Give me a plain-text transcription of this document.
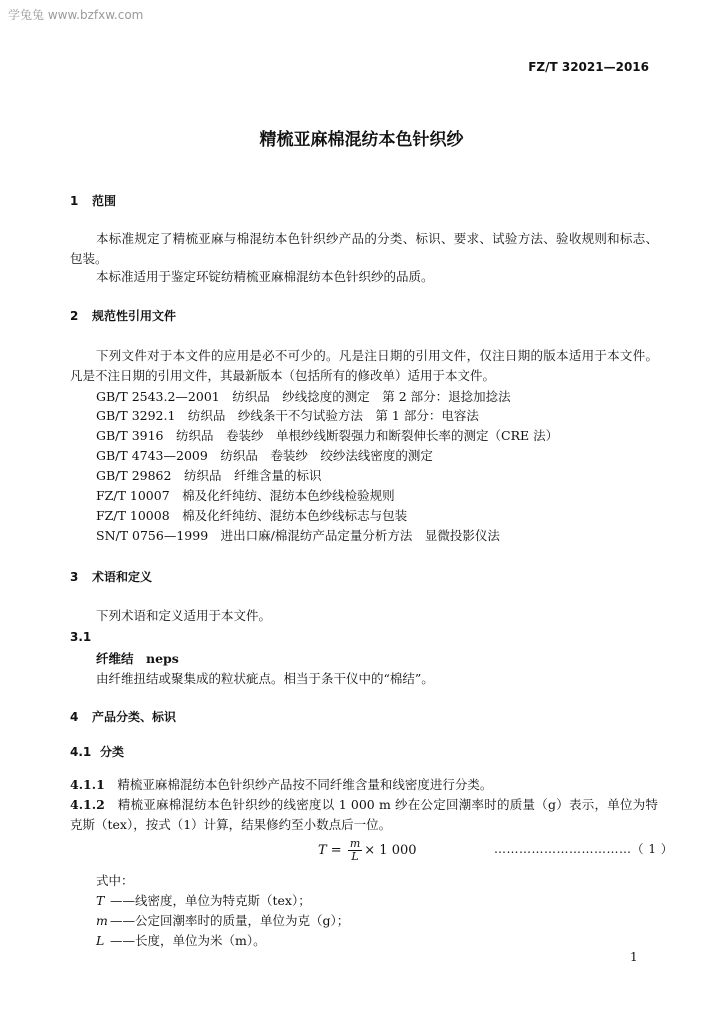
学兔兔 www.bzfxw.com
FZ/T 32021—2016
精梳亚麻棉混纺本色针织纱
1 范围
本标准规定了精梳亚麻与棉混纺本色针织纱产品的分类、标识、要求、试验方法、验收规则和标志、包装。
本标准适用于鉴定环锭纺精梳亚麻棉混纺本色针织纱的品质。
2 规范性引用文件
下列文件对于本文件的应用是必不可少的。凡是注日期的引用文件，仅注日期的版本适用于本文件。凡是不注日期的引用文件，其最新版本（包括所有的修改单）适用于本文件。
GB/T 2543.2—2001　纺织品　纱线捻度的测定　第 2 部分：退捻加捻法
GB/T 3292.1　纺织品　纱线条干不匀试验方法　第 1 部分：电容法
GB/T 3916　纺织品　卷装纱　单根纱线断裂强力和断裂伸长率的测定（CRE 法）
GB/T 4743—2009　纺织品　卷装纱　绞纱法线密度的测定
GB/T 29862　纺织品　纤维含量的标识
FZ/T 10007　棉及化纤纯纺、混纺本色纱线检验规则
FZ/T 10008　棉及化纤纯纺、混纺本色纱线标志与包装
SN/T 0756—1999　进出口麻/棉混纺产品定量分析方法　显微投影仪法
3 术语和定义
下列术语和定义适用于本文件。
3.1
纤维结　neps
由纤维扭结或聚集成的粒状疵点。相当于条干仪中的“棉结”。
4 产品分类、标识
4.1 分类
4.1.1　 精梳亚麻棉混纺本色针织纱产品按不同纤维含量和线密度进行分类。
4.1.2　 精梳亚麻棉混纺本色针织纱的线密度以 1 000 m 纱在公定回潮率时的质量（g）表示，单位为特克斯（tex），按式（1）计算，结果修约至小数点后一位。
$T = \frac{m}{L} \times 1$ 000	……………………………（ 1 ）
式中：
T ——线密度，单位为特克斯（tex）；
m ——公定回潮率时的质量，单位为克（g）；
L ——长度，单位为米（m）。
1
